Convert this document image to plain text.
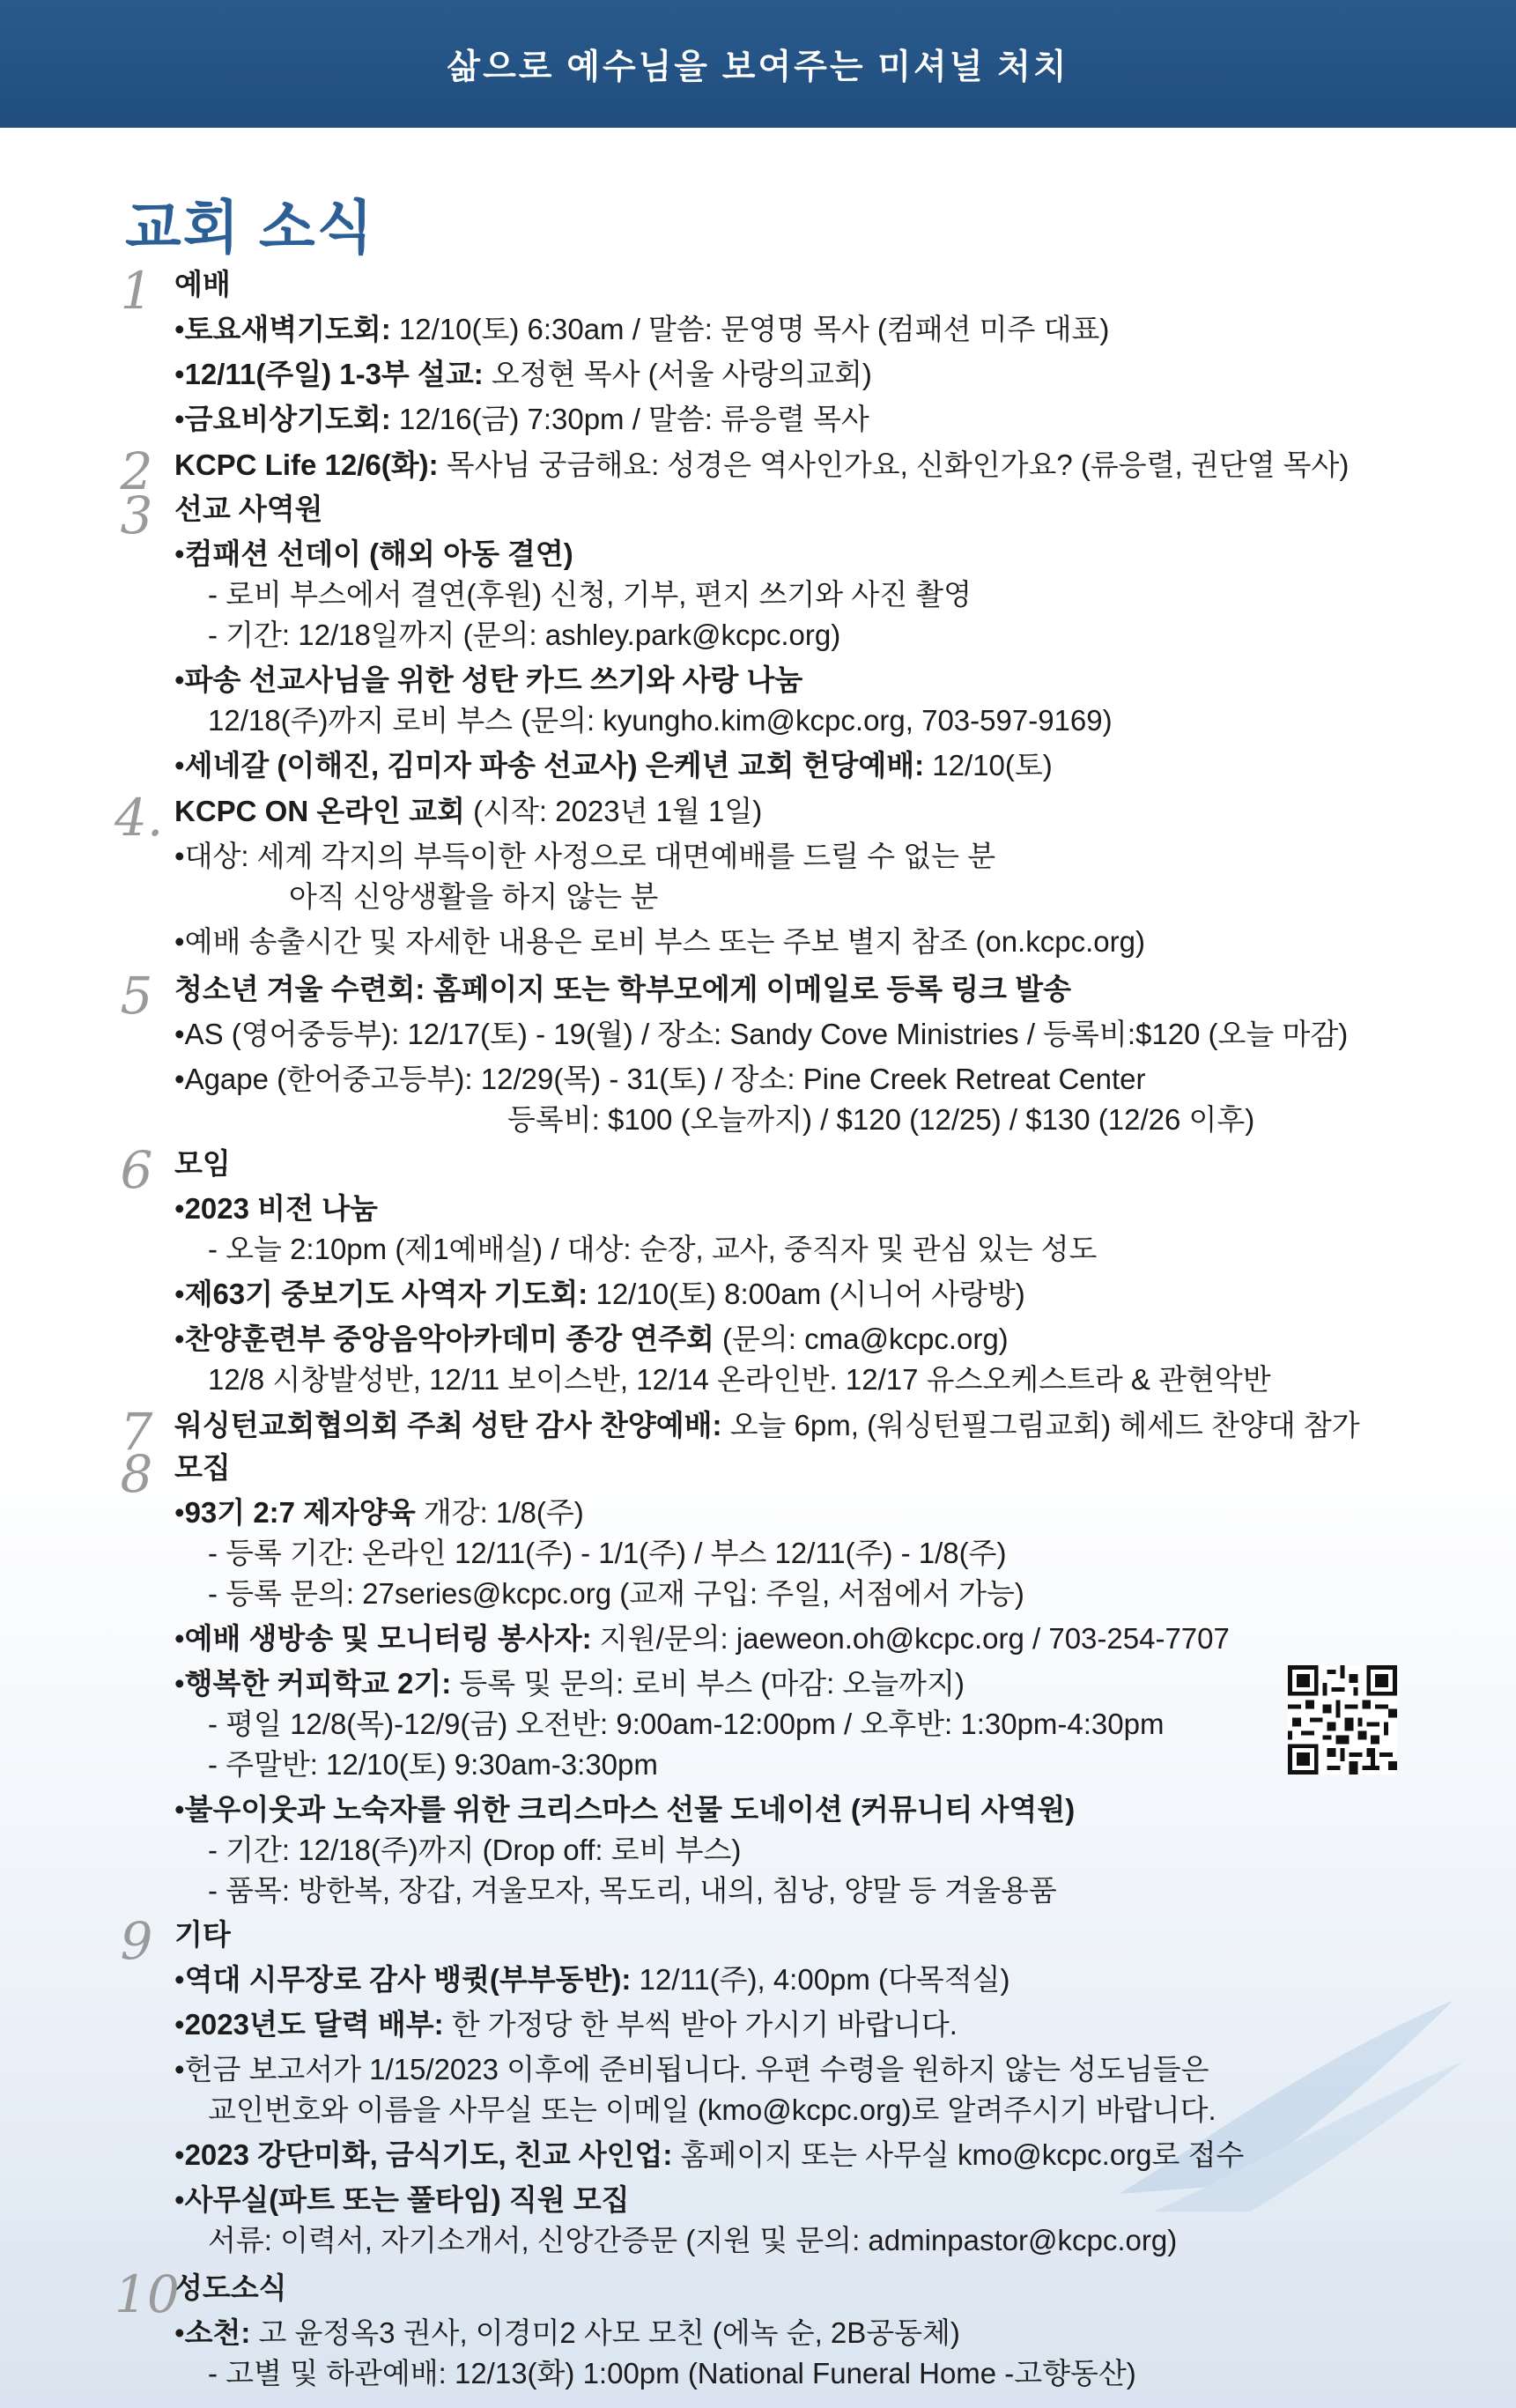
삶으로 예수님을 보여주는 미셔널 처치
교회 소식
1 예배
•토요새벽기도회: 12/10(토) 6:30am / 말씀: 문영명 목사 (컴패션 미주 대표)
•12/11(주일) 1-3부 설교: 오정현 목사 (서울 사랑의교회)
•금요비상기도회: 12/16(금) 7:30pm / 말씀: 류응렬 목사
2 KCPC Life 12/6(화): 목사님 궁금해요: 성경은 역사인가요, 신화인가요? (류응렬, 권단열 목사)
3 선교 사역원
•컴패션 선데이 (해외 아동 결연)
- 로비 부스에서 결연(후원) 신청, 기부, 편지 쓰기와 사진 촬영
- 기간: 12/18일까지 (문의: ashley.park@kcpc.org)
•파송 선교사님을 위한 성탄 카드 쓰기와 사랑 나눔
12/18(주)까지 로비 부스 (문의: kyungho.kim@kcpc.org, 703-597-9169)
•세네갈 (이해진, 김미자 파송 선교사) 은케년 교회 헌당예배: 12/10(토)
4. KCPC ON 온라인 교회 (시작: 2023년 1월 1일)
•대상: 세계 각지의 부득이한 사정으로 대면예배를 드릴 수 없는 분
아직 신앙생활을 하지 않는 분
•예배 송출시간 및 자세한 내용은 로비 부스 또는 주보 별지 참조 (on.kcpc.org)
5 청소년 겨울 수련회: 홈페이지 또는 학부모에게 이메일로 등록 링크 발송
•AS (영어중등부): 12/17(토) - 19(월) / 장소: Sandy Cove Ministries / 등록비:$120 (오늘 마감)
•Agape (한어중고등부): 12/29(목) - 31(토) / 장소: Pine Creek Retreat Center
등록비: $100 (오늘까지) / $120 (12/25) / $130 (12/26 이후)
6 모임
•2023 비전 나눔
- 오늘 2:10pm (제1예배실) / 대상: 순장, 교사, 중직자 및 관심 있는 성도
•제63기 중보기도 사역자 기도회: 12/10(토) 8:00am (시니어 사랑방)
•찬양훈련부 중앙음악아카데미 종강 연주회 (문의: cma@kcpc.org)
12/8 시창발성반, 12/11 보이스반, 12/14 온라인반. 12/17 유스오케스트라 & 관현악반
7 워싱턴교회협의회 주최 성탄 감사 찬양예배: 오늘 6pm, (워싱턴필그림교회) 헤세드 찬양대 참가
8 모집
•93기 2:7 제자양육 개강: 1/8(주)
- 등록 기간: 온라인 12/11(주) - 1/1(주) / 부스 12/11(주) - 1/8(주)
- 등록 문의: 27series@kcpc.org (교재 구입: 주일, 서점에서 가능)
•예배 생방송 및 모니터링 봉사자: 지원/문의: jaeweon.oh@kcpc.org / 703-254-7707
•행복한 커피학교 2기: 등록 및 문의: 로비 부스 (마감: 오늘까지)
- 평일 12/8(목)-12/9(금) 오전반: 9:00am-12:00pm / 오후반: 1:30pm-4:30pm
- 주말반: 12/10(토) 9:30am-3:30pm
•불우이웃과 노숙자를 위한 크리스마스 선물 도네이션 (커뮤니티 사역원)
- 기간: 12/18(주)까지 (Drop off: 로비 부스)
- 품목: 방한복, 장갑, 겨울모자, 목도리, 내의, 침낭, 양말 등 겨울용품
9 기타
•역대 시무장로 감사 뱅큇(부부동반): 12/11(주), 4:00pm (다목적실)
•2023년도 달력 배부: 한 가정당 한 부씩 받아 가시기 바랍니다.
•헌금 보고서가 1/15/2023 이후에 준비됩니다. 우편 수령을 원하지 않는 성도님들은
교인번호와 이름을 사무실 또는 이메일 (kmo@kcpc.org)로 알려주시기 바랍니다.
•2023 강단미화, 금식기도, 친교 사인업: 홈페이지 또는 사무실 kmo@kcpc.org로 접수
•사무실(파트 또는 풀타임) 직원 모집
서류: 이력서, 자기소개서, 신앙간증문 (지원 및 문의: adminpastor@kcpc.org)
10
성도소식
•소천: 고 윤정옥3 권사, 이경미2 사모 모친 (에녹 순, 2B공동체)
- 고별 및 하관예배: 12/13(화) 1:00pm (National Funeral Home -고향동산)
